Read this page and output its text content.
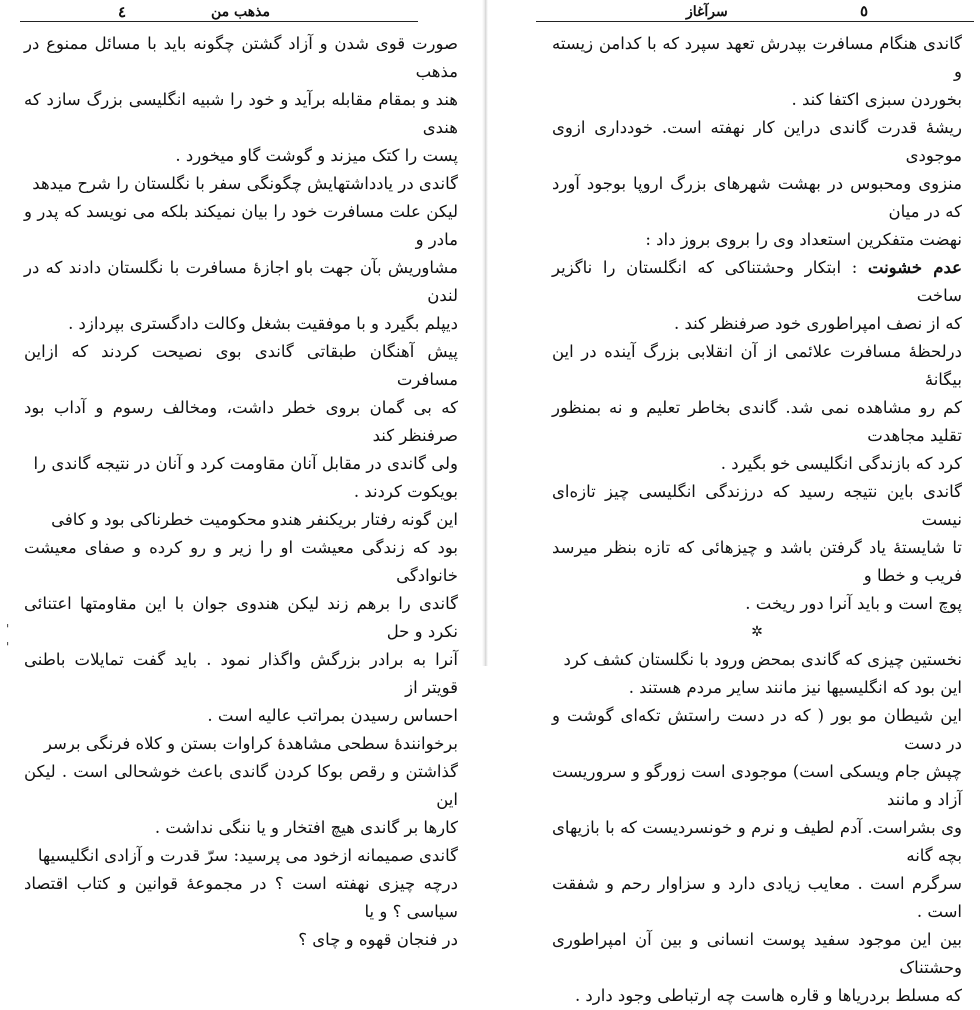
مذهب من
٤
'
'

صورت قوی شدن و آزاد گشتن چگونه باید با مسائل ممنوع در مذهب

هند و بمقام مقابله برآید و خود را شبیه انگلیسی بزرگ سازد که هندی

پست را کتک میزند و گوشت گاو میخورد .

گاندی در یادداشتهایش چگونگی سفر با نگلستان را شرح میدهد

لیکن علت مسافرت خود را بیان نمیکند بلکه می نویسد که پدر و مادر و

مشاوریش بآن جهت باو اجازهٔ مسافرت با نگلستان دادند که در لندن

دیپلم بگیرد و با موفقیت بشغل وکالت دادگستری بپردازد .

پیش آهنگان طبقاتی گاندی بوی نصیحت کردند که ازاین مسافرت

که بی گمان بروی خطر داشت، ومخالف رسوم و آداب بود صرفنظر کند

ولی گاندی در مقابل آنان مقاومت کرد و آنان در نتیجه گاندی را

بویکوت کردند .

این گونه رفتار بریکنفر هندو محکومیت خطرناکی بود و کافی

بود که زندگی معیشت او را زیر و رو کرده و صفای معیشت خانوادگی

گاندی را برهم زند لیکن هندوی جوان با این مقاومتها اعتنائی نکرد و حل

آنرا به برادر بزرگش واگذار نمود . باید گفت تمایلات باطنی قویتر از

احساس رسیدن بمراتب عالیه است .

برخوانندهٔ سطحی مشاهدهٔ کراوات بستن و کلاه فرنگی برسر

گذاشتن و رقص بوکا کردن گاندی باعث خوشحالی است . لیکن این

کارها بر گاندی هیچ افتخار و یا ننگی نداشت .

گاندی صمیمانه ازخود می پرسید: سرّ قدرت و آزادی انگلیسیها

درچه چیزی نهفته است ؟ در مجموعهٔ قوانین و کتاب اقتصاد سیاسی ؟ و یا

در فنجان قهوه و چای ؟

سرآغاز	٥

گاندی هنگام مسافرت بپدرش تعهد سپرد که با کدامن زیسته و

بخوردن سبزی اکتفا کند .

ریشهٔ قدرت گاندی دراین کار نهفته است. خودداری ازوی موجودی

منزوی ومحبوس در بهشت شهرهای بزرگ اروپا بوجود آورد که در میان

نهضت متفکرین استعداد وی را بروی بروز داد :

عدم خشونت : ابتکار وحشتناکی که انگلستان را ناگزیر ساخت

که از نصف امپراطوری خود صرفنظر کند .

درلحظهٔ مسافرت علائمی از آن انقلابی بزرگ آینده در این بیگانهٔ

کم رو مشاهده نمی شد. گاندی بخاطر تعلیم و نه بمنظور تقلید مجاهدت

کرد که بازندگی انگلیسی خو بگیرد .

گاندی باین نتیجه رسید که درزندگی انگلیسی چیز تازه‌ای نیست

تا شایستهٔ یاد گرفتن باشد و چیزهائی که تازه بنظر میرسد فریب و خطا و

پوچ است و باید آنرا دور ریخت .

✲

نخستین چیزی که گاندی بمحض ورود با نگلستان کشف کرد

این بود که انگلیسیها نیز مانند سایر مردم هستند .

این شیطان مو بور ( که در دست راستش تکه‌ای گوشت و در دست

چپش جام ویسکی است) موجودی است زورگو و سروریست آزاد و مانند

وی بشراست. آدم لطیف و نرم و خونسردیست که با بازیهای بچه گانه

سرگرم است . معایب زیادی دارد و سزاوار رحم و شفقت است .

بین این موجود سفید پوست انسانی و بین آن امپراطوری وحشتناک

که مسلط بردریاها و قاره هاست چه ارتباطی وجود دارد .
